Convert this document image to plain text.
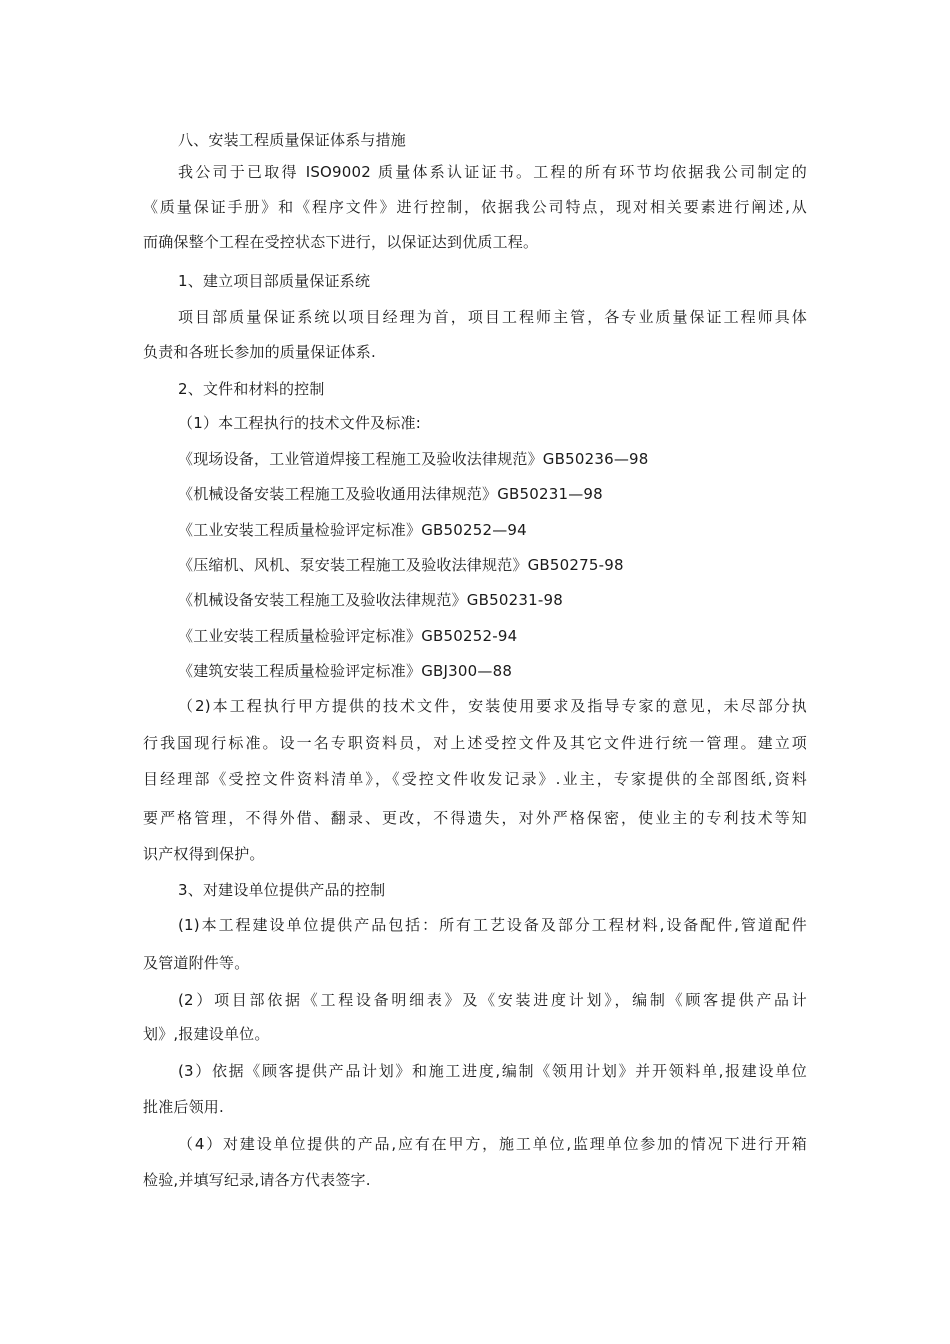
八、安装工程质量保证体系与措施
我公司于已取得 ISO9002 质量体系认证证书。工程的所有环节均依据我公司制定的
《质量保证手册》和《程序文件》进行控制，依据我公司特点，现对相关要素进行阐述,从
而确保整个工程在受控状态下进行，以保证达到优质工程。
1、建立项目部质量保证系统
项目部质量保证系统以项目经理为首，项目工程师主管，各专业质量保证工程师具体
负责和各班长参加的质量保证体系.
2、文件和材料的控制
（1）本工程执行的技术文件及标准:
《现场设备，工业管道焊接工程施工及验收法律规范》GB50236—98
《机械设备安装工程施工及验收通用法律规范》GB50231—98
《工业安装工程质量检验评定标准》GB50252—94
《压缩机、风机、泵安装工程施工及验收法律规范》GB50275-98
《机械设备安装工程施工及验收法律规范》GB50231-98
《工业安装工程质量检验评定标准》GB50252-94
《建筑安装工程质量检验评定标准》GBJ300—88
（2)本工程执行甲方提供的技术文件，安装使用要求及指导专家的意见，未尽部分执
行我国现行标准。设一名专职资料员，对上述受控文件及其它文件进行统一管理。建立项
目经理部《受控文件资料清单》，《受控文件收发记录》.业主，专家提供的全部图纸,资料
要严格管理，不得外借、翻录、更改，不得遗失，对外严格保密，使业主的专利技术等知
识产权得到保护。
3、对建设单位提供产品的控制
(1)本工程建设单位提供产品包括：所有工艺设备及部分工程材料,设备配件,管道配件
及管道附件等。
(2）项目部依据《工程设备明细表》及《安装进度计划》，编制《顾客提供产品计
划》,报建设单位。
(3）依据《顾客提供产品计划》和施工进度,编制《领用计划》并开领料单,报建设单位
批准后领用.
（4）对建设单位提供的产品,应有在甲方，施工单位,监理单位参加的情况下进行开箱
检验,并填写纪录,请各方代表签字.
